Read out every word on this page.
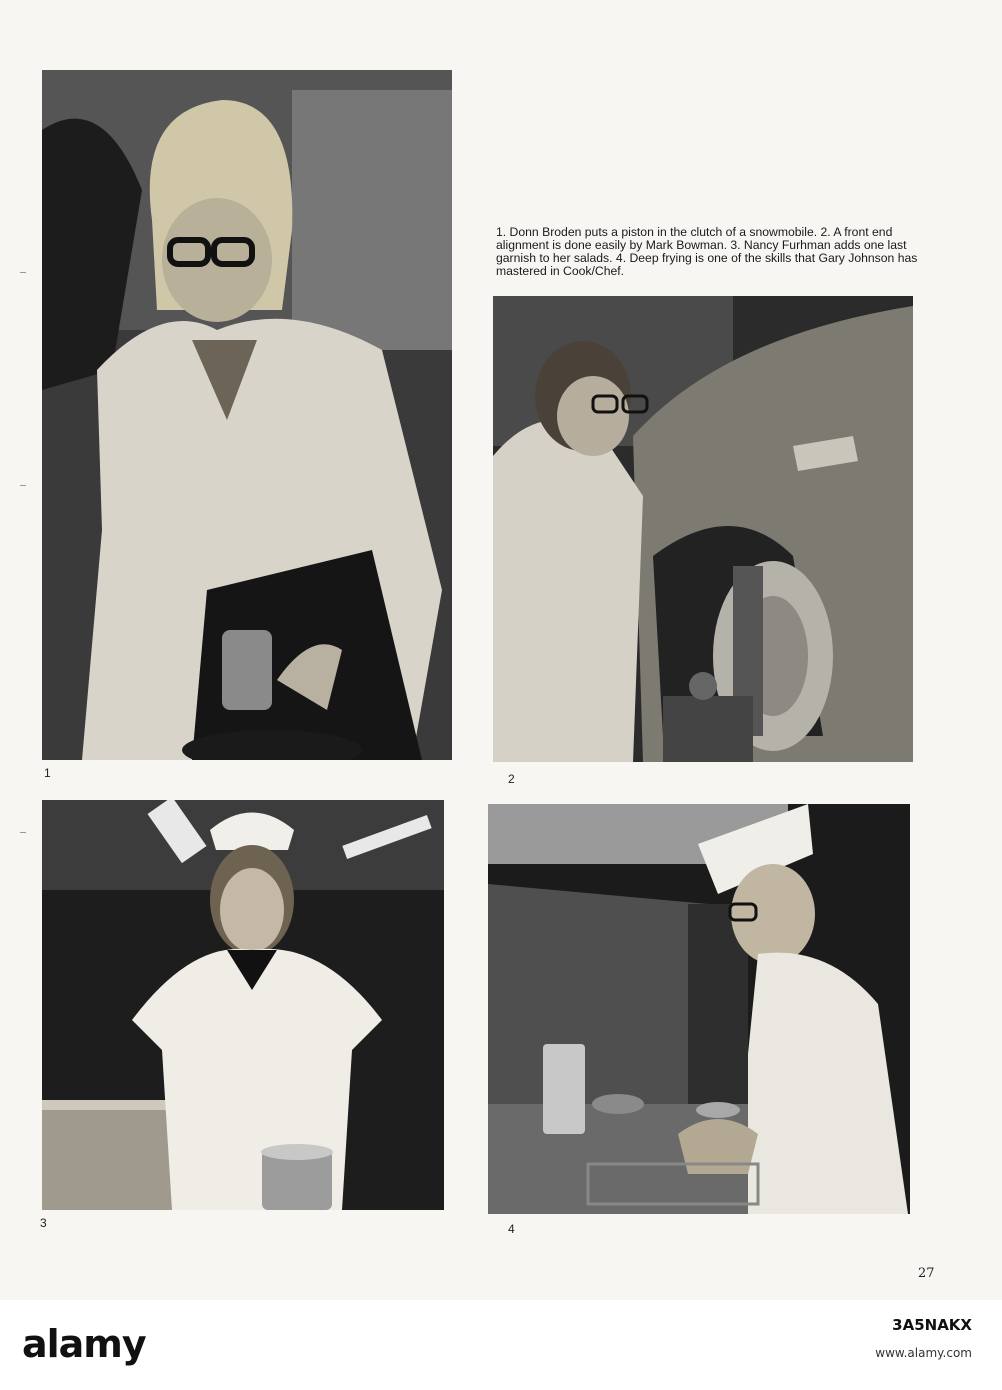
1
1. Donn Broden puts a piston in the clutch of a snowmobile. 2. A front end alignment is done easily by Mark Bowman. 3. Nancy Furhman adds one last garnish to her salads. 4. Deep frying is one of the skills that Gary Johnson has mastered in Cook/Chef.
2
3	4
27
alamy	3A5NAKX
www.alamy.com
